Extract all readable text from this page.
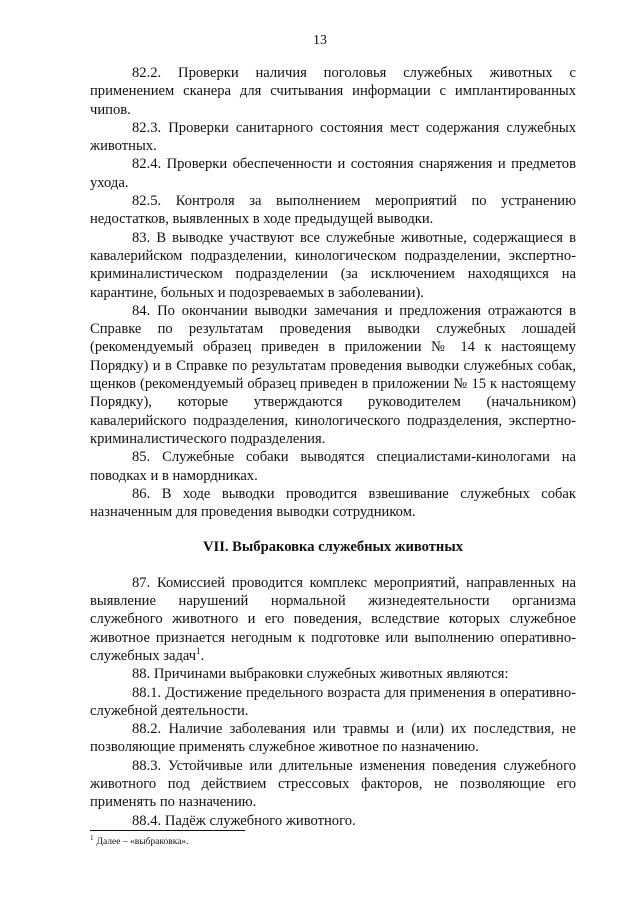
13

82.2. Проверки наличия поголовья служебных животных с применением сканера для считывания информации с имплантированных чипов.

82.3. Проверки санитарного состояния мест содержания служебных животных.

82.4. Проверки обеспеченности и состояния снаряжения и предметов ухода.

82.5. Контроля за выполнением мероприятий по устранению недостатков, выявленных в ходе предыдущей выводки.

83. В выводке участвуют все служебные животные, содержащиеся в кавалерийском подразделении, кинологическом подразделении, экспертно-криминалистическом подразделении (за исключением находящихся на карантине, больных и подозреваемых в заболевании).

84. По окончании выводки замечания и предложения отражаются в Справке по результатам проведения выводки служебных лошадей (рекомендуемый образец приведен в приложении № 14 к настоящему Порядку) и в Справке по результатам проведения выводки служебных собак, щенков (рекомендуемый образец приведен в приложении № 15 к настоящему Порядку), которые утверждаются руководителем (начальником) кавалерийского подразделения, кинологического подразделения, экспертно-криминалистического подразделения.

85. Служебные собаки выводятся специалистами-кинологами на поводках и в намордниках.

86. В ходе выводки проводится взвешивание служебных собак назначенным для проведения выводки сотрудником.

VII. Выбраковка служебных животных

87. Комиссией проводится комплекс мероприятий, направленных на выявление нарушений нормальной жизнедеятельности организма служебного животного и его поведения, вследствие которых служебное животное признается негодным к подготовке или выполнению оперативно-служебных задач$^1$.

88. Причинами выбраковки служебных животных являются:

88.1. Достижение предельного возраста для применения в оперативно-служебной деятельности.

88.2. Наличие заболевания или травмы и (или) их последствия, не позволяющие применять служебное животное по назначению.

88.3. Устойчивые или длительные изменения поведения служебного животного под действием стрессовых факторов, не позволяющие его применять по назначению.

88.4. Падёж служебного животного.

$^1$ Далее – «выбраковка».
